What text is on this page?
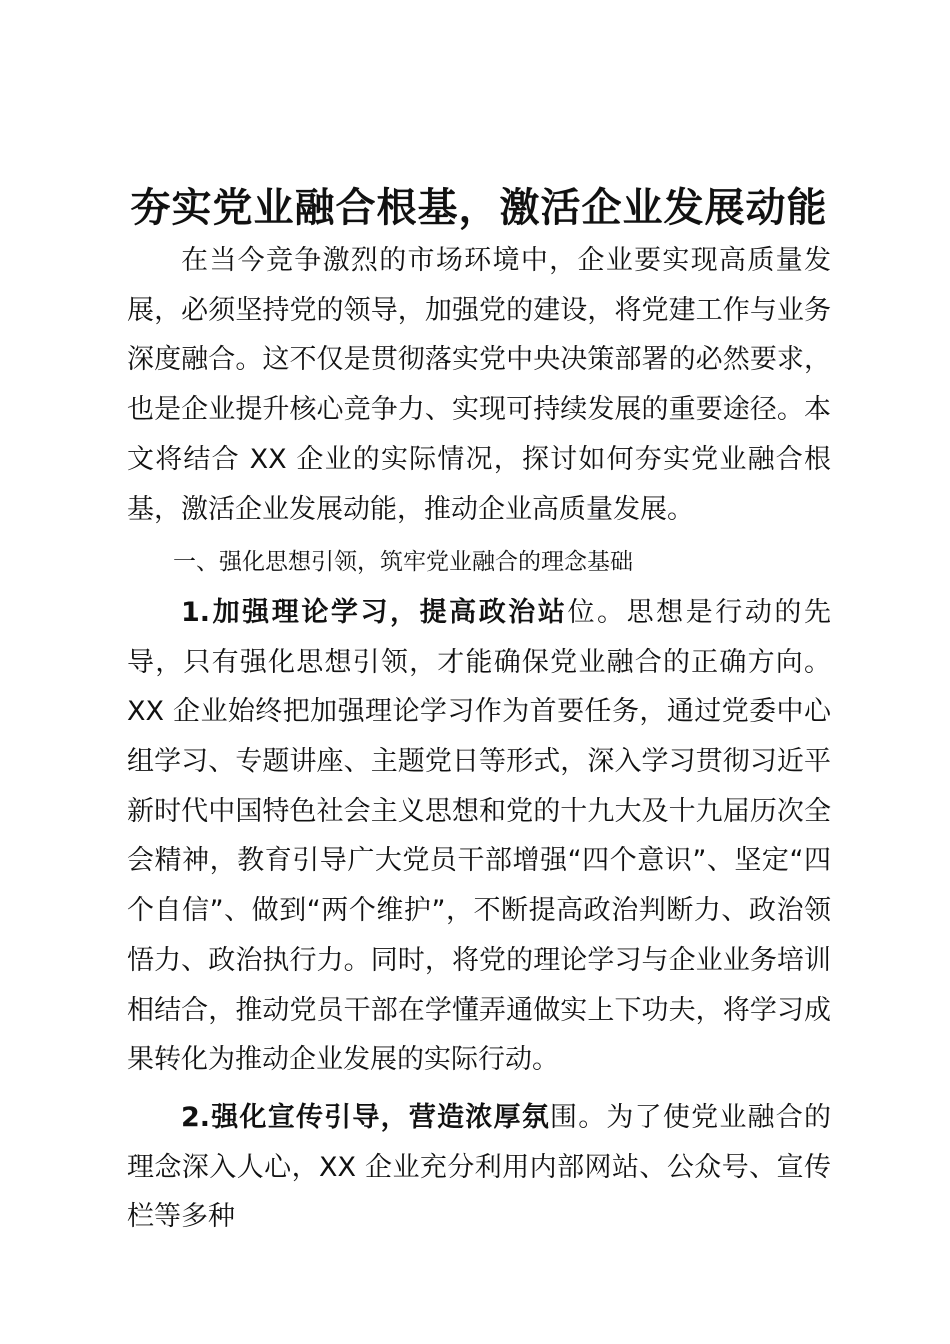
夯实党业融合根基，激活企业发展动能

在当今竞争激烈的市场环境中，企业要实现高质量发展，必须坚持党的领导，加强党的建设，将党建工作与业务深度融合。这不仅是贯彻落实党中央决策部署的必然要求，也是企业提升核心竞争力、实现可持续发展的重要途径。本文将结合 XX 企业的实际情况，探讨如何夯实党业融合根基，激活企业发展动能，推动企业高质量发展。

一、强化思想引领，筑牢党业融合的理念基础

1.加强理论学习，提高政治站位。思想是行动的先导，只有强化思想引领，才能确保党业融合的正确方向。XX 企业始终把加强理论学习作为首要任务，通过党委中心组学习、专题讲座、主题党日等形式，深入学习贯彻习近平新时代中国特色社会主义思想和党的十九大及十九届历次全会精神，教育引导广大党员干部增强“四个意识”、坚定“四个自信”、做到“两个维护”，不断提高政治判断力、政治领悟力、政治执行力。同时，将党的理论学习与企业业务培训相结合，推动党员干部在学懂弄通做实上下功夫，将学习成果转化为推动企业发展的实际行动。

2.强化宣传引导，营造浓厚氛围。为了使党业融合的理念深入人心，XX 企业充分利用内部网站、公众号、宣传栏等多种
